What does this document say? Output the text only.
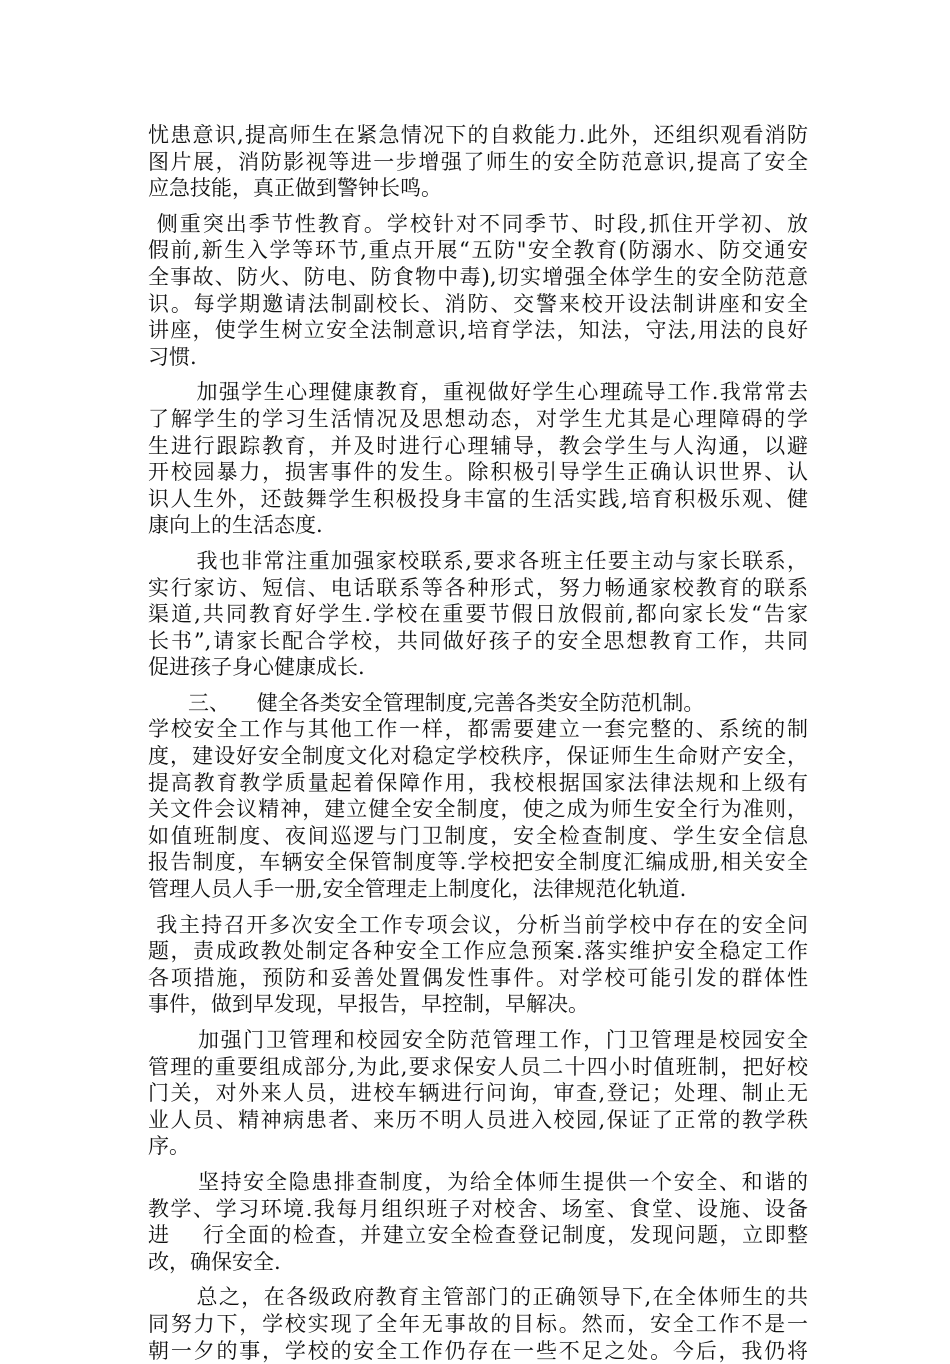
忧患意识,提高师生在紧急情况下的自救能力.此外，还组织观看消防
图片展，消防影视等进一步增强了师生的安全防范意识,提高了安全
应急技能，真正做到警钟长鸣。
侧重突出季节性教育。学校针对不同季节、时段,抓住开学初、放
假前,新生入学等环节,重点开展“五防"安全教育(防溺水、防交通安
全事故、防火、防电、防食物中毒),切实增强全体学生的安全防范意
识。每学期邀请法制副校长、消防、交警来校开设法制讲座和安全
讲座，使学生树立安全法制意识,培育学法，知法，守法,用法的良好
习惯.
加强学生心理健康教育，重视做好学生心理疏导工作.我常常去
了解学生的学习生活情况及思想动态，对学生尤其是心理障碍的学
生进行跟踪教育，并及时进行心理辅导，教会学生与人沟通，以避
开校园暴力，损害事件的发生。除积极引导学生正确认识世界、认
识人生外，还鼓舞学生积极投身丰富的生活实践,培育积极乐观、健
康向上的生活态度.
我也非常注重加强家校联系,要求各班主任要主动与家长联系，
实行家访、短信、电话联系等各种形式，努力畅通家校教育的联系
渠道,共同教育好学生.学校在重要节假日放假前,都向家长发“告家
长书”,请家长配合学校，共同做好孩子的安全思想教育工作，共同
促进孩子身心健康成长.
三、    健全各类安全管理制度,完善各类安全防范机制。
学校安全工作与其他工作一样，都需要建立一套完整的、系统的制
度，建设好安全制度文化对稳定学校秩序，保证师生生命财产安全，
提高教育教学质量起着保障作用，我校根据国家法律法规和上级有
关文件会议精神，建立健全安全制度，使之成为师生安全行为准则，
如值班制度、夜间巡逻与门卫制度，安全检查制度、学生安全信息
报告制度，车辆安全保管制度等.学校把安全制度汇编成册,相关安全
管理人员人手一册,安全管理走上制度化，法律规范化轨道.
我主持召开多次安全工作专项会议，分析当前学校中存在的安全问
题，责成政教处制定各种安全工作应急预案.落实维护安全稳定工作
各项措施，预防和妥善处置偶发性事件。对学校可能引发的群体性
事件，做到早发现，早报告，早控制，早解决。
加强门卫管理和校园安全防范管理工作，门卫管理是校园安全
管理的重要组成部分,为此,要求保安人员二十四小时值班制，把好校
门关，对外来人员，进校车辆进行问询，审查,登记；处理、制止无
业人员、精神病患者、来历不明人员进入校园,保证了正常的教学秩
序。
坚持安全隐患排查制度，为给全体师生提供一个安全、和谐的
教学、学习环境.我每月组织班子对校舍、场室、食堂、设施、设备
进    行全面的检查，并建立安全检查登记制度，发现问题，立即整
改，确保安全.
总之，在各级政府教育主管部门的正确领导下,在全体师生的共
同努力下，学校实现了全年无事故的目标。然而，安全工作不是一
朝一夕的事，学校的安全工作仍存在一些不足之处。今后，我仍将
